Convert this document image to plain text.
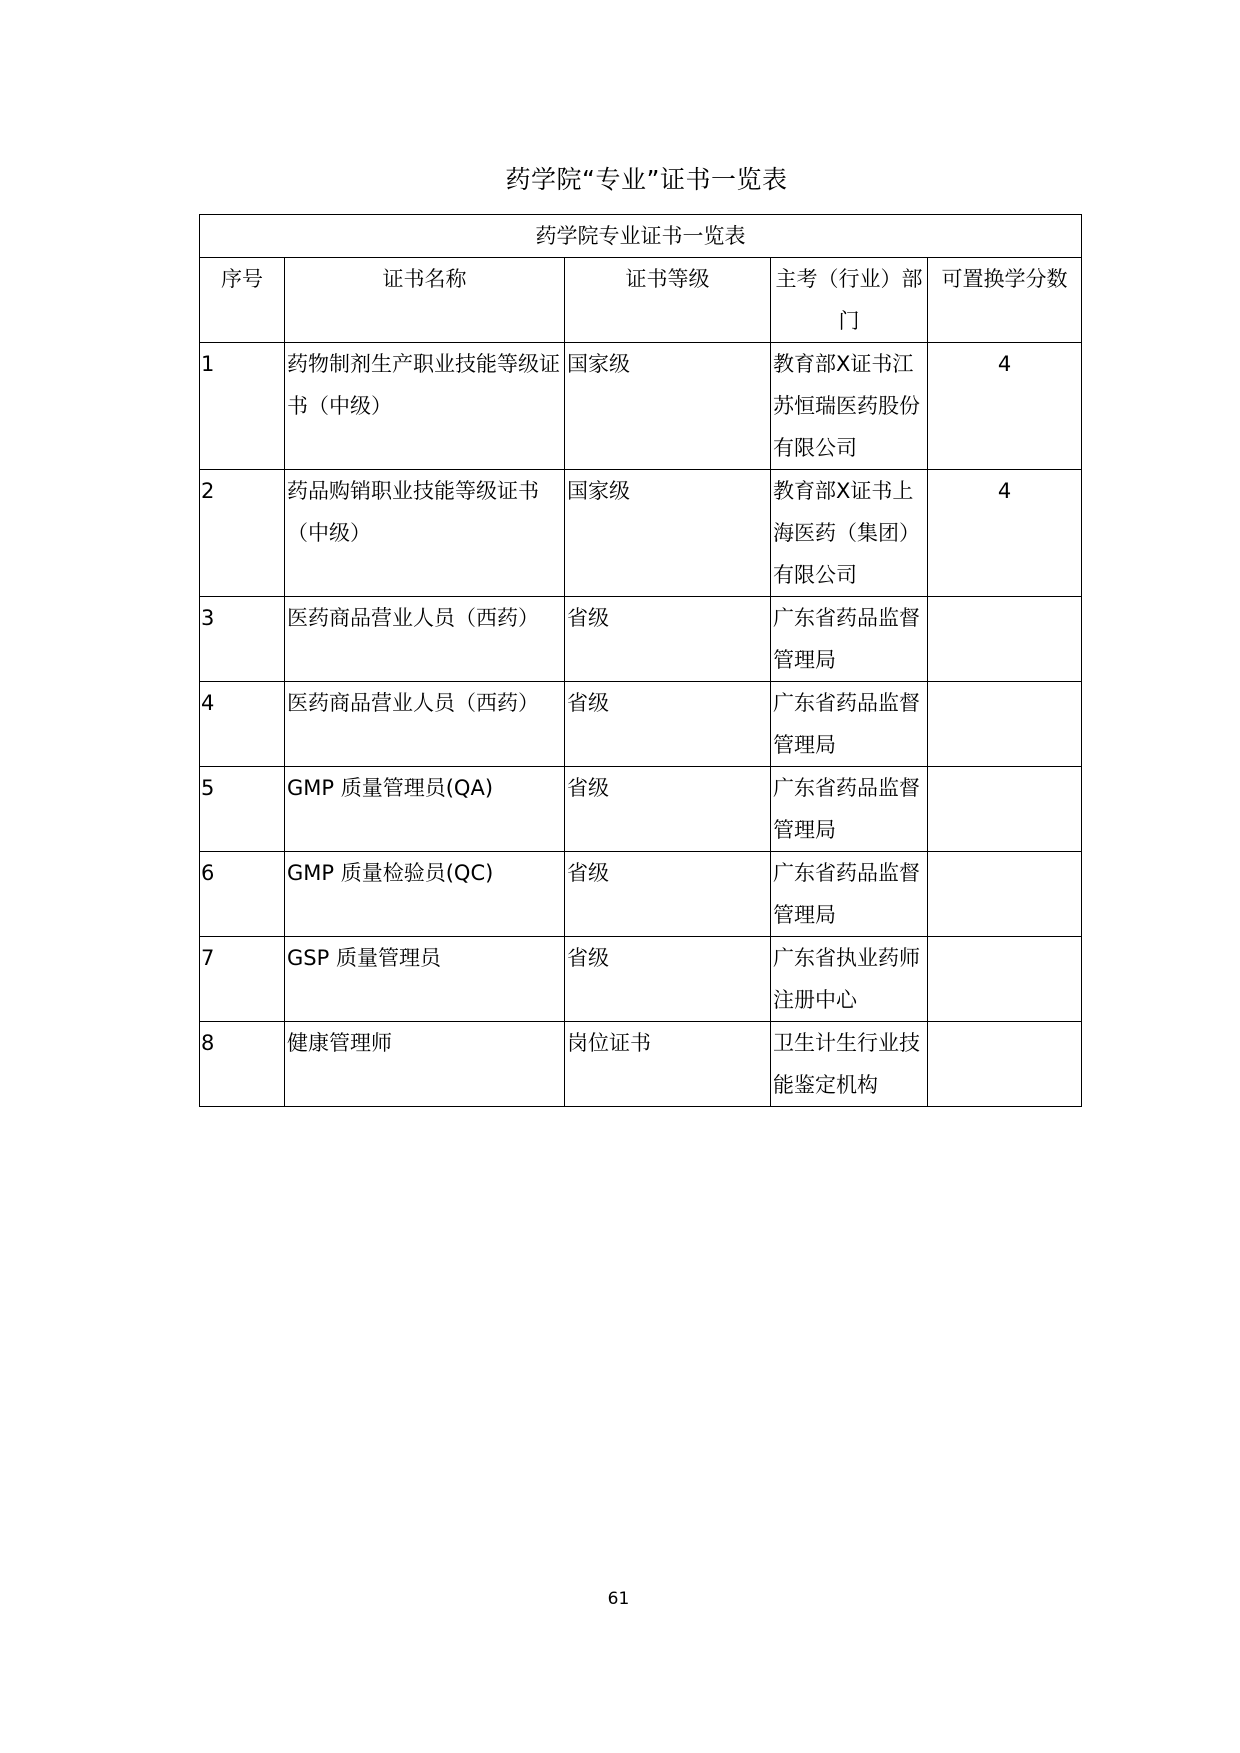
药学院“专业”证书一览表
药学院专业证书一览表				
序号	证书名称	证书等级	主考（行业）部门	可置换学分数
1	药物制剂生产职业技能等级证书（中级）	国家级	教育部X证书江苏恒瑞医药股份有限公司	4
2	药品购销职业技能等级证书（中级）	国家级	教育部X证书上海医药（集团）有限公司	4
3	医药商品营业人员（西药）	省级	广东省药品监督管理局	
4	医药商品营业人员（西药）	省级	广东省药品监督管理局	
5	GMP 质量管理员(QA)	省级	广东省药品监督管理局	
6	GMP 质量检验员(QC)	省级	广东省药品监督管理局	
7	GSP 质量管理员	省级	广东省执业药师注册中心	
8	健康管理师	岗位证书	卫生计生行业技能鉴定机构	
61
